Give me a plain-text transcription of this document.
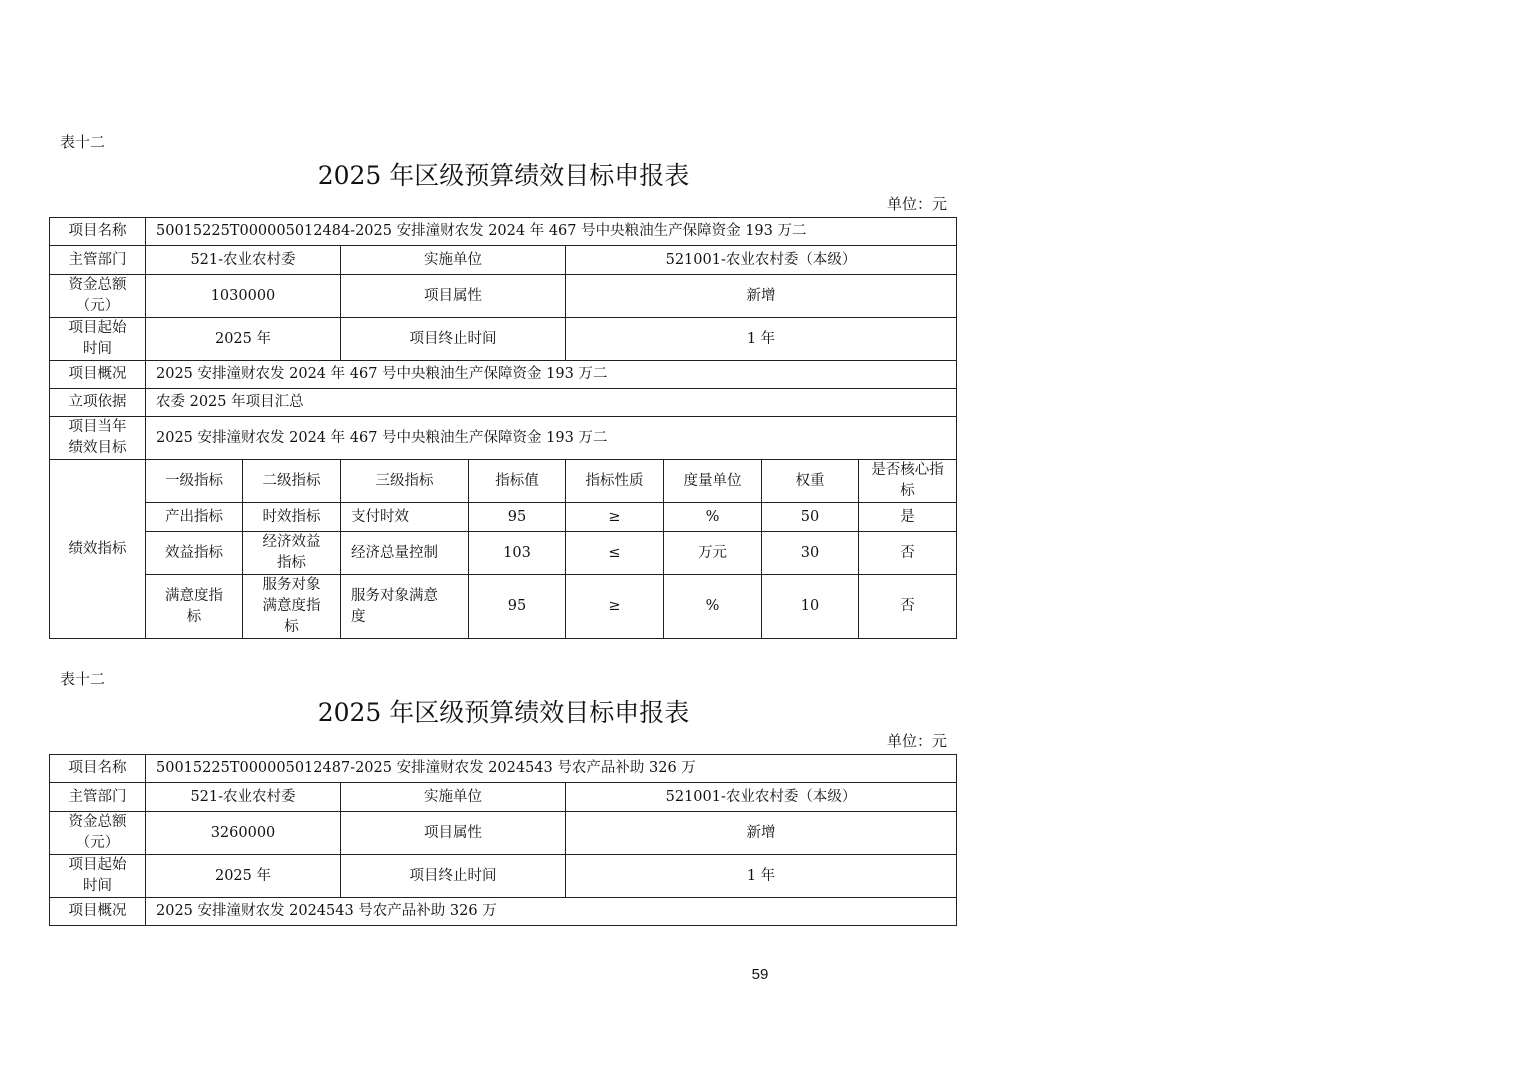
表十二
2025 年区级预算绩效目标申报表
单位：元
项目名称	50015225T000005012484-2025 安排潼财农发 2024 年 467 号中央粮油生产保障资金 193 万二							
主管部门	521-农业农村委		实施单位		521001-农业农村委（本级）			

资金总额
（元）	1030000		项目属性		新增			

项目起始
时间	2025 年		项目终止时间		1 年			
项目概况	2025 安排潼财农发 2024 年 467 号中央粮油生产保障资金 193 万二							
立项依据	农委 2025 年项目汇总							

项目当年
绩效目标	2025 安排潼财农发 2024 年 467 号中央粮油生产保障资金 193 万二							
绩效指标	一级指标	二级指标	三级指标	指标值	指标性质	度量单位	权重	是否核心指标
	产出指标	时效指标	支付时效	95	≥	%	50	是
	效益指标	经济效益指标	经济总量控制	103	≤	万元	30	否
	满意度指标	服务对象满意度指标	服务对象满意度	95	≥	%	10	否
表十二
2025 年区级预算绩效目标申报表
单位：元
项目名称	50015225T000005012487-2025 安排潼财农发 2024543 号农产品补助 326 万		
主管部门	521-农业农村委	实施单位	521001-农业农村委（本级）

资金总额
（元）	3260000	项目属性	新增

项目起始
时间	2025 年	项目终止时间	1 年
项目概况	2025 安排潼财农发 2024543 号农产品补助 326 万		
59
